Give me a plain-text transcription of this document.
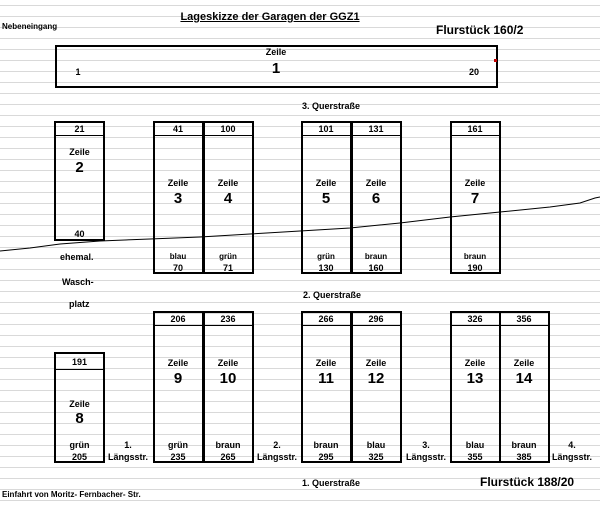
Lageskizze der Garagen der GGZ1
Nebeneingang	Flurstück 160/2
Zeile
1
1	20
3. Querstraße
21
Zeile
2
40
ehemal.
Wasch-
platz
41
Zeile
3
blau
70
100
Zeile
4
grün
71
101
Zeile
5
grün
130
131
Zeile
6
braun
160
161
Zeile
7
braun
190
2. Querstraße
191
Zeile
8
grün
205
206
Zeile
9
grün
235
236
Zeile
10
braun
265
266
Zeile
11
braun
295
296
Zeile
12
blau
325
326
Zeile
13
blau
355
356
Zeile
14
braun
385
1.
Längsstr.
2.
Längsstr.
3.
Längsstr.
4.
Längsstr.
1. Querstraße	Flurstück 188/20
Einfahrt von Moritz- Fernbacher- Str.
